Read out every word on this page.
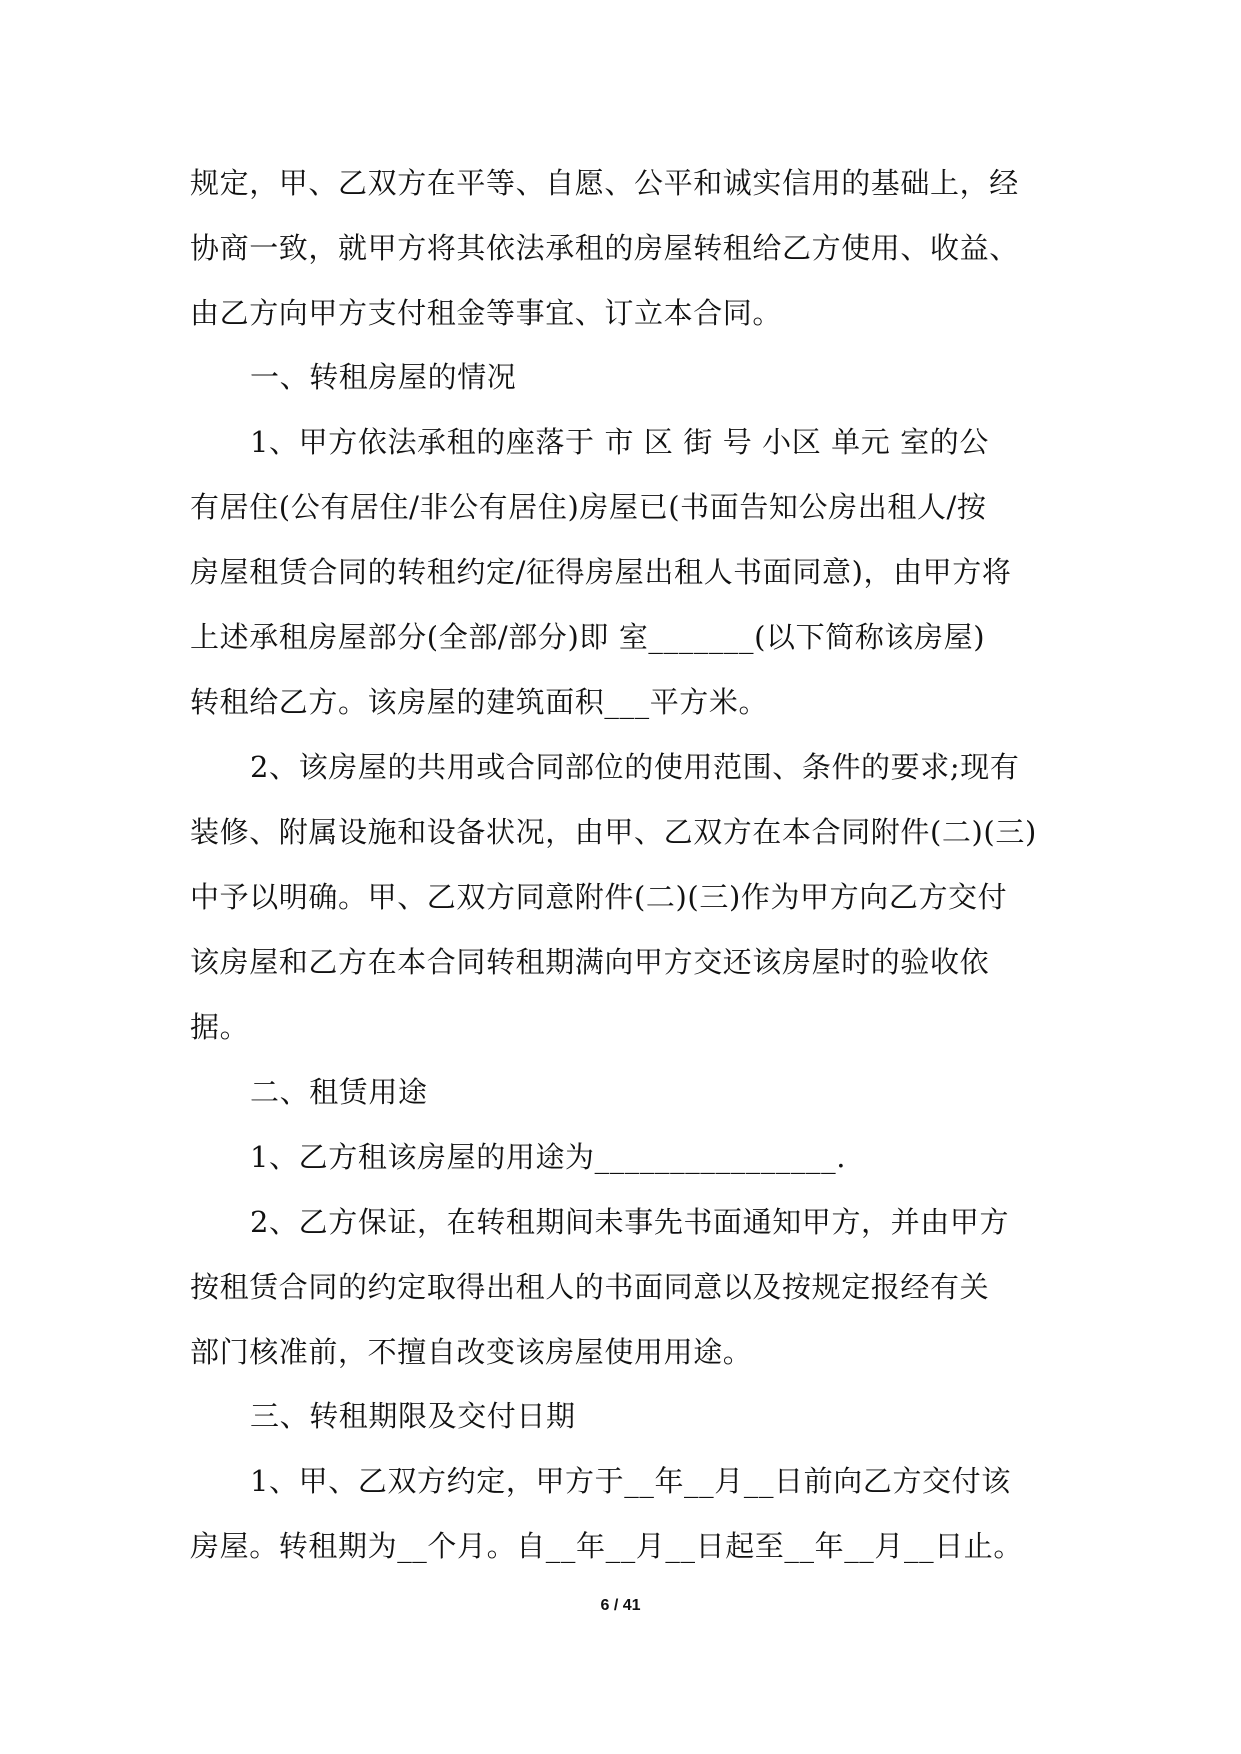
规定，甲、乙双方在平等、自愿、公平和诚实信用的基础上，经
协商一致，就甲方将其依法承租的房屋转租给乙方使用、收益、
由乙方向甲方支付租金等事宜、订立本合同。
一、转租房屋的情况
1、甲方依法承租的座落于 市 区 街 号 小区 单元 室的公
有居住(公有居住/非公有居住)房屋已(书面告知公房出租人/按
房屋租赁合同的转租约定/征得房屋出租人书面同意)，由甲方将
上述承租房屋部分(全部/部分)即 室_______(以下简称该房屋)
转租给乙方。该房屋的建筑面积___平方米。
2、该房屋的共用或合同部位的使用范围、条件的要求;现有
装修、附属设施和设备状况，由甲、乙双方在本合同附件(二)(三)
中予以明确。甲、乙双方同意附件(二)(三)作为甲方向乙方交付
该房屋和乙方在本合同转租期满向甲方交还该房屋时的验收依
据。
二、租赁用途
1、乙方租该房屋的用途为________________.
2、乙方保证，在转租期间未事先书面通知甲方，并由甲方
按租赁合同的约定取得出租人的书面同意以及按规定报经有关
部门核准前，不擅自改变该房屋使用用途。
三、转租期限及交付日期
1、甲、乙双方约定，甲方于__年__月__日前向乙方交付该
房屋。转租期为__个月。自__年__月__日起至__年__月__日止。
6 / 41
